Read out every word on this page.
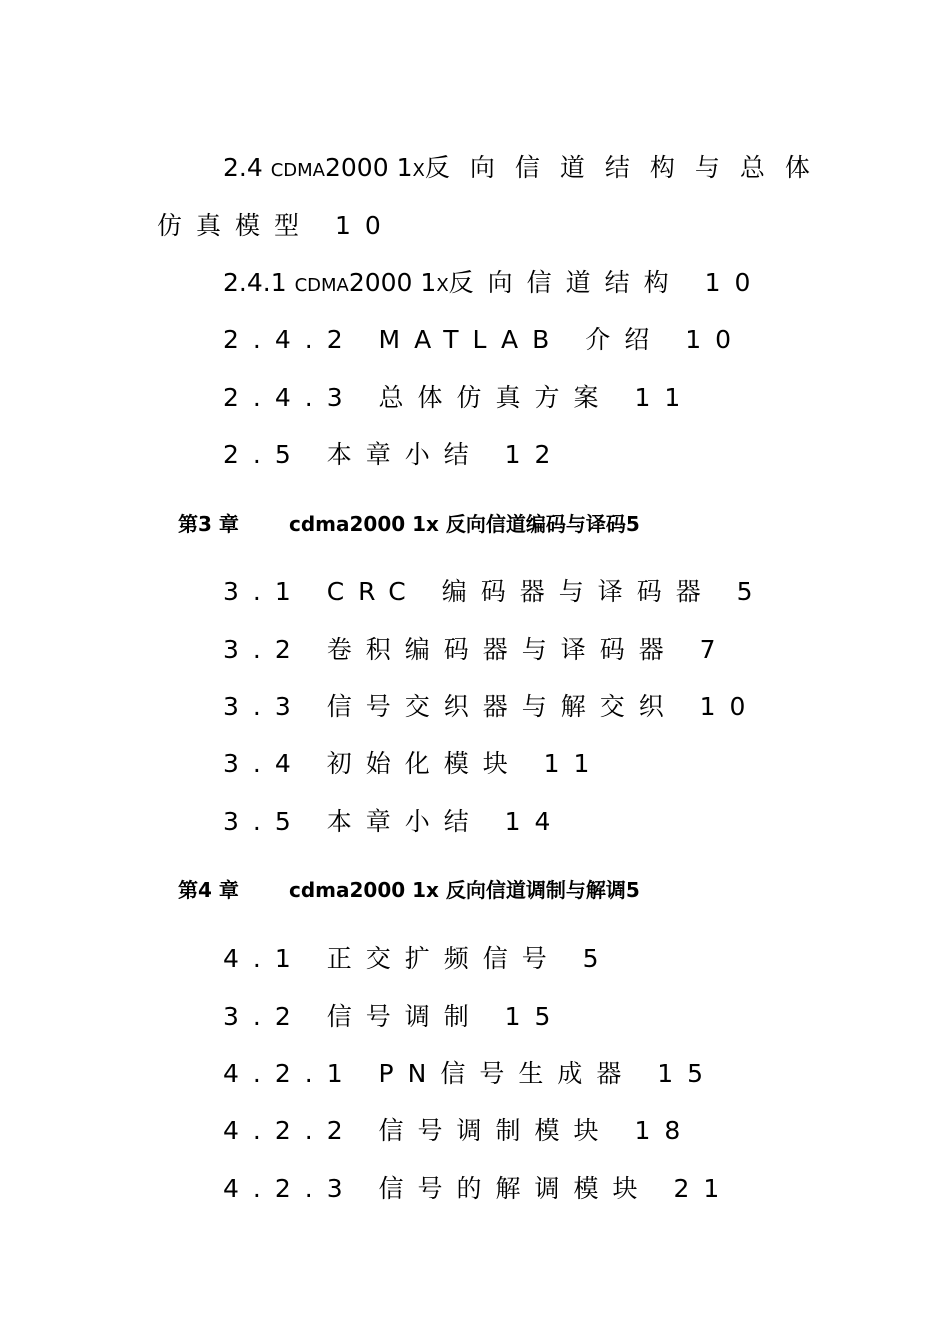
2.4 cdma2000 1x反向信道结构与总体
仿真模型 10
2.4.1 cdma2000 1x反向信道结构 10
2.4.2 MATLAB 介绍 10
2.4.3 总体仿真方案 11
2.5 本章小结 12
第3 章	cdma2000 1x 反向信道编码与译码5
3.1 CRC 编码器与译码器 5
3.2 卷积编码器与译码器 7
3.3 信号交织器与解交织 10
3.4 初始化模块 11
3.5 本章小结 14
第4 章	cdma2000 1x 反向信道调制与解调5
4.1 正交扩频信号 5
3.2 信号调制 15
4.2.1 PN信号生成器 15
4.2.2 信号调制模块 18
4.2.3 信号的解调模块 21
